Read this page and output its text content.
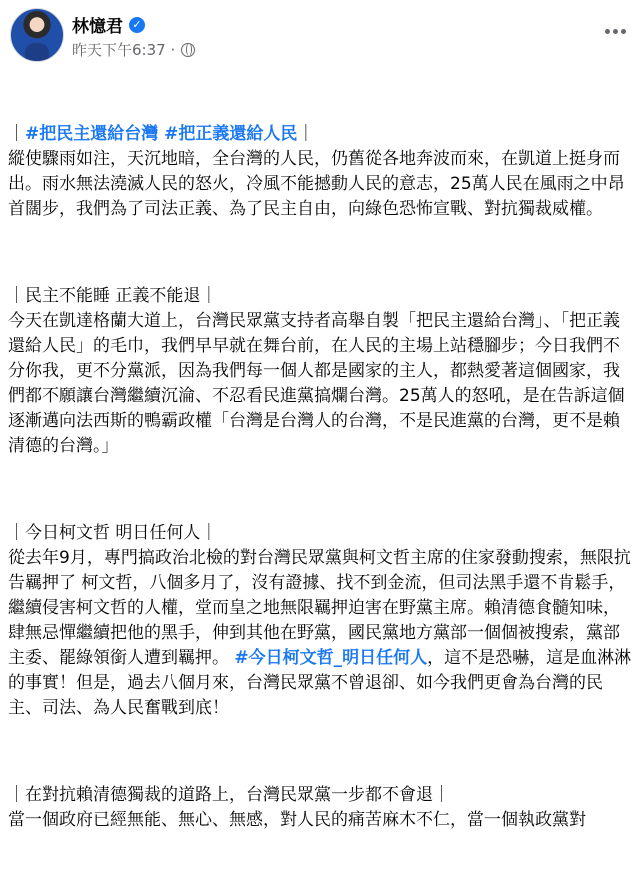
林憶君 ✓
昨天下午6:37 ·

｜#把民主還給台灣 #把正義還給人民｜
縱使驟雨如注，天沉地暗，全台灣的人民，仍舊從各地奔波而來，在凱道上挺身而出。雨水無法澆滅人民的怒火，冷風不能撼動人民的意志，25萬人民在風雨之中昂首闊步，我們為了司法正義、為了民主自由，向綠色恐怖宣戰、對抗獨裁威權。

｜民主不能睡 正義不能退｜
今天在凱達格蘭大道上，台灣民眾黨支持者高舉自製「把民主還給台灣」、「把正義還給人民」的毛巾，我們早早就在舞台前，在人民的主場上站穩腳步；今日我們不分你我，更不分黨派，因為我們每一個人都是國家的主人，都熱愛著這個國家，我們都不願讓台灣繼續沉淪、不忍看民進黨搞爛台灣。25萬人的怒吼，是在告訴這個逐漸邁向法西斯的鴨霸政權「台灣是台灣人的台灣，不是民進黨的台灣，更不是賴清德的台灣。」

｜今日柯文哲 明日任何人｜
從去年9月，專門搞政治北檢的對台灣民眾黨與柯文哲主席的住家發動搜索，無限抗告羈押了 柯文哲，八個多月了，沒有證據、找不到金流，但司法黑手還不肯鬆手，繼續侵害柯文哲的人權，堂而皇之地無限羈押迫害在野黨主席。賴清德食髓知味，肆無忌憚繼續把他的黑手，伸到其他在野黨，國民黨地方黨部一個個被搜索，黨部主委、罷綠領銜人遭到羈押。 #今日柯文哲_明日任何人，這不是恐嚇，這是血淋淋的事實！但是，過去八個月來，台灣民眾黨不曾退卻、如今我們更會為台灣的民主、司法、為人民奮戰到底！

｜在對抗賴清德獨裁的道路上，台灣民眾黨一步都不會退｜
當一個政府已經無能、無心、無感，對人民的痛苦麻木不仁，當一個執政黨對
